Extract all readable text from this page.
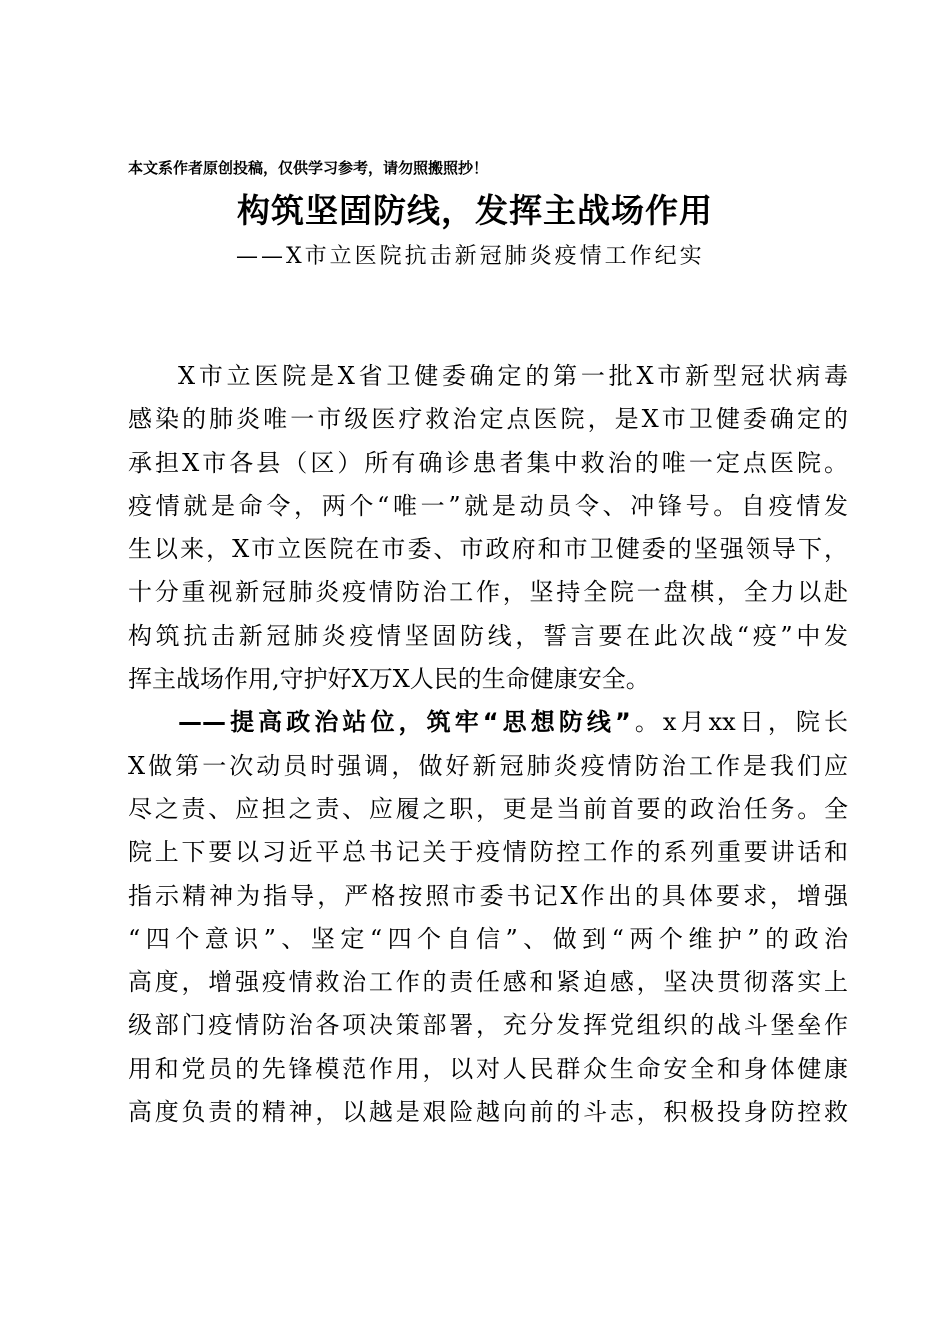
本文系作者原创投稿，仅供学习参考，请勿照搬照抄！
构筑坚固防线，发挥主战场作用
——X市立医院抗击新冠肺炎疫情工作纪实
X市立医院是X省卫健委确定的第一批X市新型冠状病毒
感染的肺炎唯一市级医疗救治定点医院，是X市卫健委确定的
承担X市各县（区）所有确诊患者集中救治的唯一定点医院。
疫情就是命令，两个“唯一”就是动员令、冲锋号。自疫情发
生以来，X市立医院在市委、市政府和市卫健委的坚强领导下，
十分重视新冠肺炎疫情防治工作，坚持全院一盘棋，全力以赴
构筑抗击新冠肺炎疫情坚固防线，誓言要在此次战“疫”中发
挥主战场作用,守护好X万X人民的生命健康安全。
——提高政治站位，筑牢“思想防线”。x月xx日，院长
X做第一次动员时强调，做好新冠肺炎疫情防治工作是我们应
尽之责、应担之责、应履之职，更是当前首要的政治任务。全
院上下要以习近平总书记关于疫情防控工作的系列重要讲话和
指示精神为指导，严格按照市委书记X作出的具体要求，增强
“四个意识”、坚定“四个自信”、做到“两个维护”的政治
高度，增强疫情救治工作的责任感和紧迫感，坚决贯彻落实上
级部门疫情防治各项决策部署，充分发挥党组织的战斗堡垒作
用和党员的先锋模范作用，以对人民群众生命安全和身体健康
高度负责的精神，以越是艰险越向前的斗志，积极投身防控救
